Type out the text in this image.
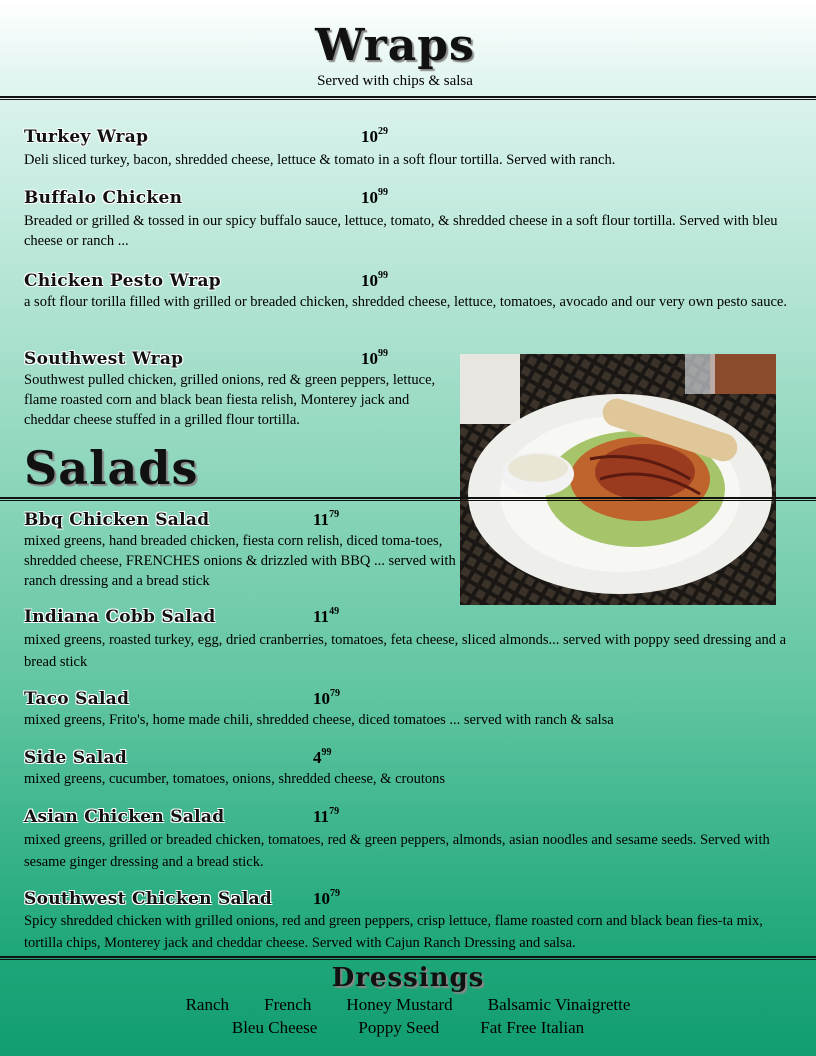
Wraps
Served with chips & salsa
Turkey Wrap	$10^{29}$
Deli sliced turkey, bacon, shredded cheese, lettuce & tomato in a soft flour tortilla. Served with ranch.
Buffalo Chicken	$10^{99}$
Breaded or grilled & tossed in our spicy buffalo sauce, lettuce, tomato, & shredded cheese in a soft flour tortilla. Served with bleu cheese or ranch ...
Chicken Pesto Wrap	$10^{99}$
a soft flour torilla filled with grilled or breaded chicken, shredded cheese, lettuce, tomatoes, avocado and our very own pesto sauce.
Southwest Wrap	$10^{99}$
Southwest pulled chicken, grilled onions, red & green peppers, lettuce, flame roasted corn and black bean fiesta relish, Monterey jack and cheddar cheese stuffed in a grilled flour tortilla.
Salads
Bbq Chicken Salad	$11^{79}$
mixed greens, hand breaded chicken, fiesta corn relish, diced toma-toes, shredded cheese, FRENCHES onions & drizzled with BBQ ... served with ranch dressing and a bread stick
Indiana Cobb Salad	$11^{49}$
mixed greens, roasted turkey, egg, dried cranberries, tomatoes, feta cheese, sliced almonds... served with poppy seed dressing and a bread stick
Taco Salad	$10^{79}$
mixed greens, Frito's, home made chili, shredded cheese, diced tomatoes ... served with ranch & salsa
Side Salad	$4^{99}$
mixed greens, cucumber, tomatoes, onions, shredded cheese, & croutons
Asian Chicken Salad	$11^{79}$
mixed greens, grilled or breaded chicken, tomatoes, red & green peppers, almonds, asian noodles and sesame seeds. Served with sesame ginger dressing and a bread stick.
Southwest Chicken Salad $10^{79}$
Spicy shredded chicken with grilled onions, red and green peppers, crisp lettuce, flame roasted corn and black bean fies-ta mix, tortilla chips, Monterey jack and cheddar cheese. Served with Cajun Ranch Dressing and salsa.
Dressings
Ranch French Honey Mustard Balsamic Vinaigrette
Bleu Cheese Poppy Seed Fat Free Italian
